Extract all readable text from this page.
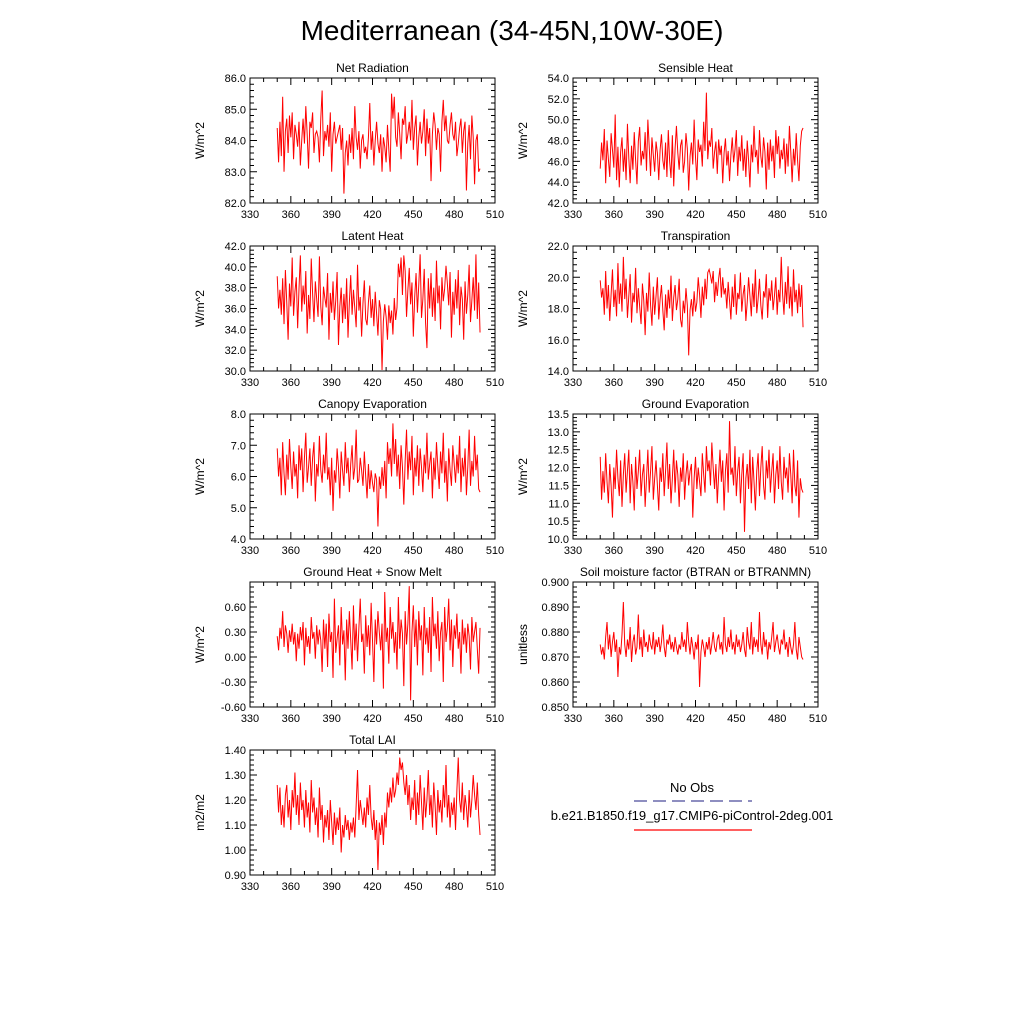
Mediterranean (34-45N,10W-30E)
Net Radiation
W/m^2
330 360 390 420 450 480 510
82.0
83.0
84.0
85.0
86.0
Sensible Heat
W/m^2
330 360 390 420 450 480 510
42.0
44.0
46.0
48.0
50.0
52.0
54.0
Latent Heat
W/m^2
330 360 390 420 450 480 510
30.0
32.0
34.0
36.0
38.0
40.0
42.0
Transpiration
W/m^2
330 360 390 420 450 480 510
14.0
16.0
18.0
20.0
22.0
Canopy Evaporation
W/m^2
330 360 390 420 450 480 510
4.0
5.0
6.0
7.0
8.0
Ground Evaporation
W/m^2
330 360 390 420 450 480 510
10.0
10.5
11.0
11.5
12.0
12.5
13.0
13.5
Ground Heat + Snow Melt
W/m^2
330 360 390 420 450 480 510
-0.60
-0.30
0.00
0.30
0.60
Soil moisture factor (BTRAN or BTRANMN)
unitless
330 360 390 420 450 480 510
0.850
0.860
0.870
0.880
0.890
0.900
Total LAI
m2/m2
330 360 390 420 450 480 510
0.90
1.00
1.10
1.20
1.30
1.40
No Obs
b.e21.B1850.f19_g17.CMIP6-piControl-2deg.001
